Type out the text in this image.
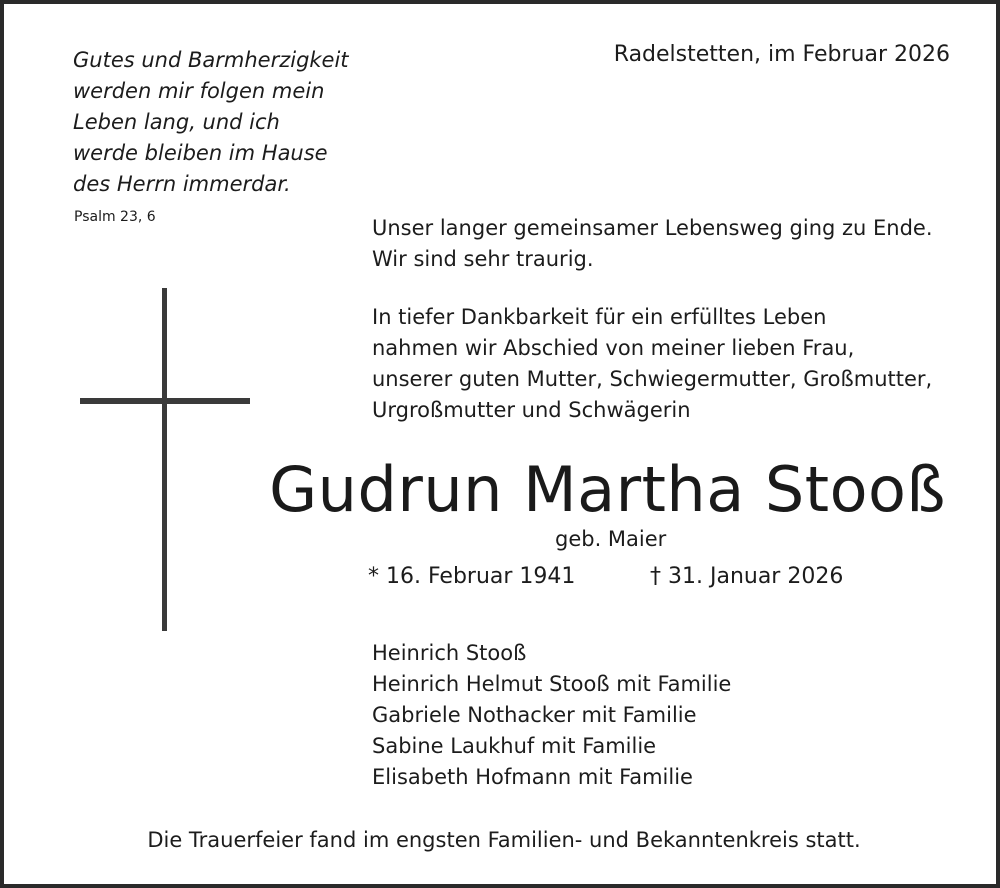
Gutes und Barmherzigkeit
werden mir folgen mein
Leben lang, und ich
werde bleiben im Hause
des Herrn immerdar.
Psalm 23, 6
Radelstetten, im Februar 2026
Unser langer gemeinsamer Lebensweg ging zu Ende.
Wir sind sehr traurig.
In tiefer Dankbarkeit für ein erfülltes Leben
nahmen wir Abschied von meiner lieben Frau,
unserer guten Mutter, Schwiegermutter, Großmutter,
Urgroßmutter und Schwägerin
Gudrun Martha Stooß
geb. Maier
* 16. Februar 1941	† 31. Januar 2026
Heinrich Stooß
Heinrich Helmut Stooß mit Familie
Gabriele Nothacker mit Familie
Sabine Laukhuf mit Familie
Elisabeth Hofmann mit Familie
Die Trauerfeier fand im engsten Familien- und Bekanntenkreis statt.
